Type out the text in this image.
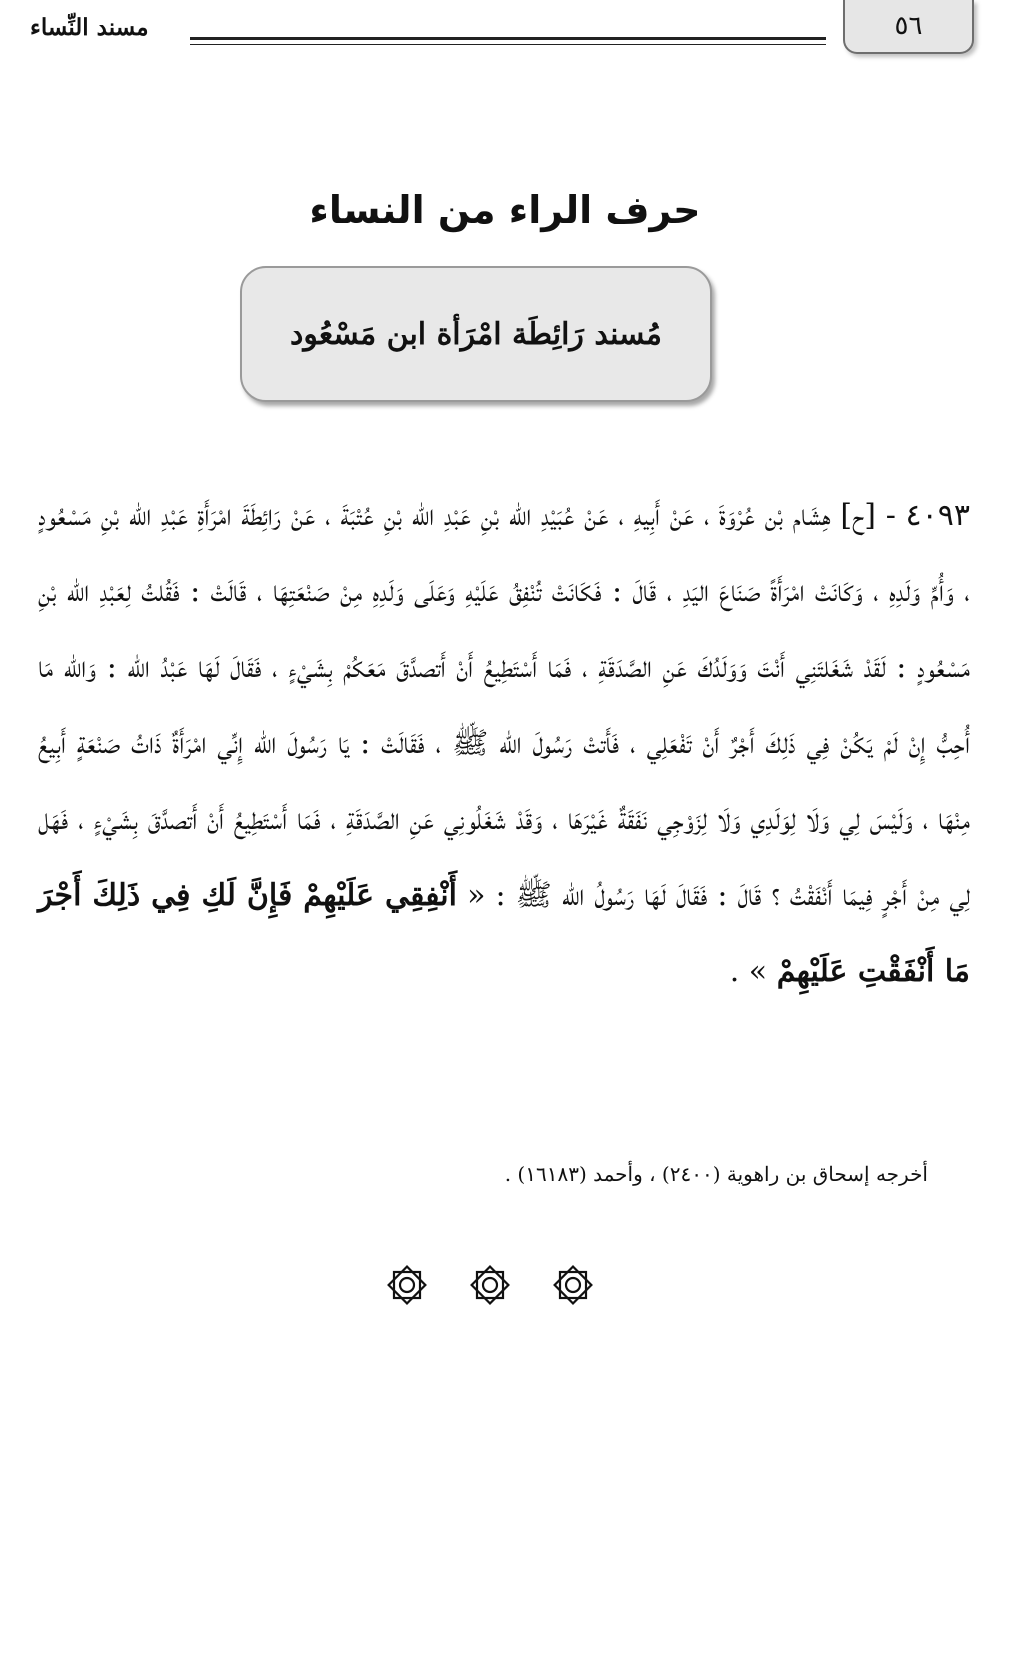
٥٦
مسند النِّساء
حرف الراء من النساء
مُسند رَائِطَة امْرَأة ابن مَسْعُود
٤٠٩٣ - [ح] هِشَام بْن عُرْوَةَ ، عَنْ أَبِيهِ ، عَنْ عُبَيْدِ الله بْنِ عَبْدِ الله بْنِ عُتْبَةَ ، عَنْ رَائِطَةَ امْرَأَةِ عَبْدِ الله بْنِ مَسْعُودٍ ، وَأُمِّ وَلَدِهِ ، وَكَانَتْ امْرَأَةً صَنَاعَ اليَدِ ، قَالَ : فَكَانَتْ تُنْفِقُ عَلَيْهِ وَعَلَى وَلَدِهِ مِنْ صَنْعَتِهَا ، قَالَتْ : فَقُلتُ لِعَبْدِ الله بْنِ مَسْعُودٍ : لَقَدْ شَغَلتَنِي أَنْتَ وَوَلَدُكَ عَنِ الصَّدَقَةِ ، فَمَا أَسْتَطِيعُ أَنْ أَتصدَّقَ مَعَكُمْ بِشَيْءٍ ، فَقَالَ لَهَا عَبْدُ الله : وَالله مَا أُحِبُّ إِنْ لَمْ يَكُنْ فِي ذَلِكَ أَجْرٌ أَنْ تَفْعَلِي ، فَأَتتْ رَسُولَ الله ﷺ ، فَقَالَتْ : يَا رَسُولَ الله إِنِّي امْرَأَةٌ ذَاتُ صَنْعَةٍ أَبِيعُ مِنْهَا ، وَلَيْسَ لِي وَلَا لِوَلَدِي وَلَا لِزَوْجِي نَفَقَةٌ غَيْرَهَا ، وَقَدْ شَغَلُونِي عَنِ الصَّدَقَةِ ، فَمَا أَسْتَطِيعُ أَنْ أَتصدَّقَ بِشَيْءٍ ، فَهَل لِي مِنْ أَجْرٍ فِيمَا أَنْفَقْتُ ؟ قَالَ : فَقَالَ لَهَا رَسُولُ الله ﷺ : « أَنْفِقِي عَلَيْهِمْ فَإِنَّ لَكِ فِي ذَلِكَ أَجْرَ مَا أَنْفَقْتِ عَلَيْهِمْ » .
أخرجه إسحاق بن راهوية (٢٤٠٠) ، وأحمد (١٦١٨٣) .
